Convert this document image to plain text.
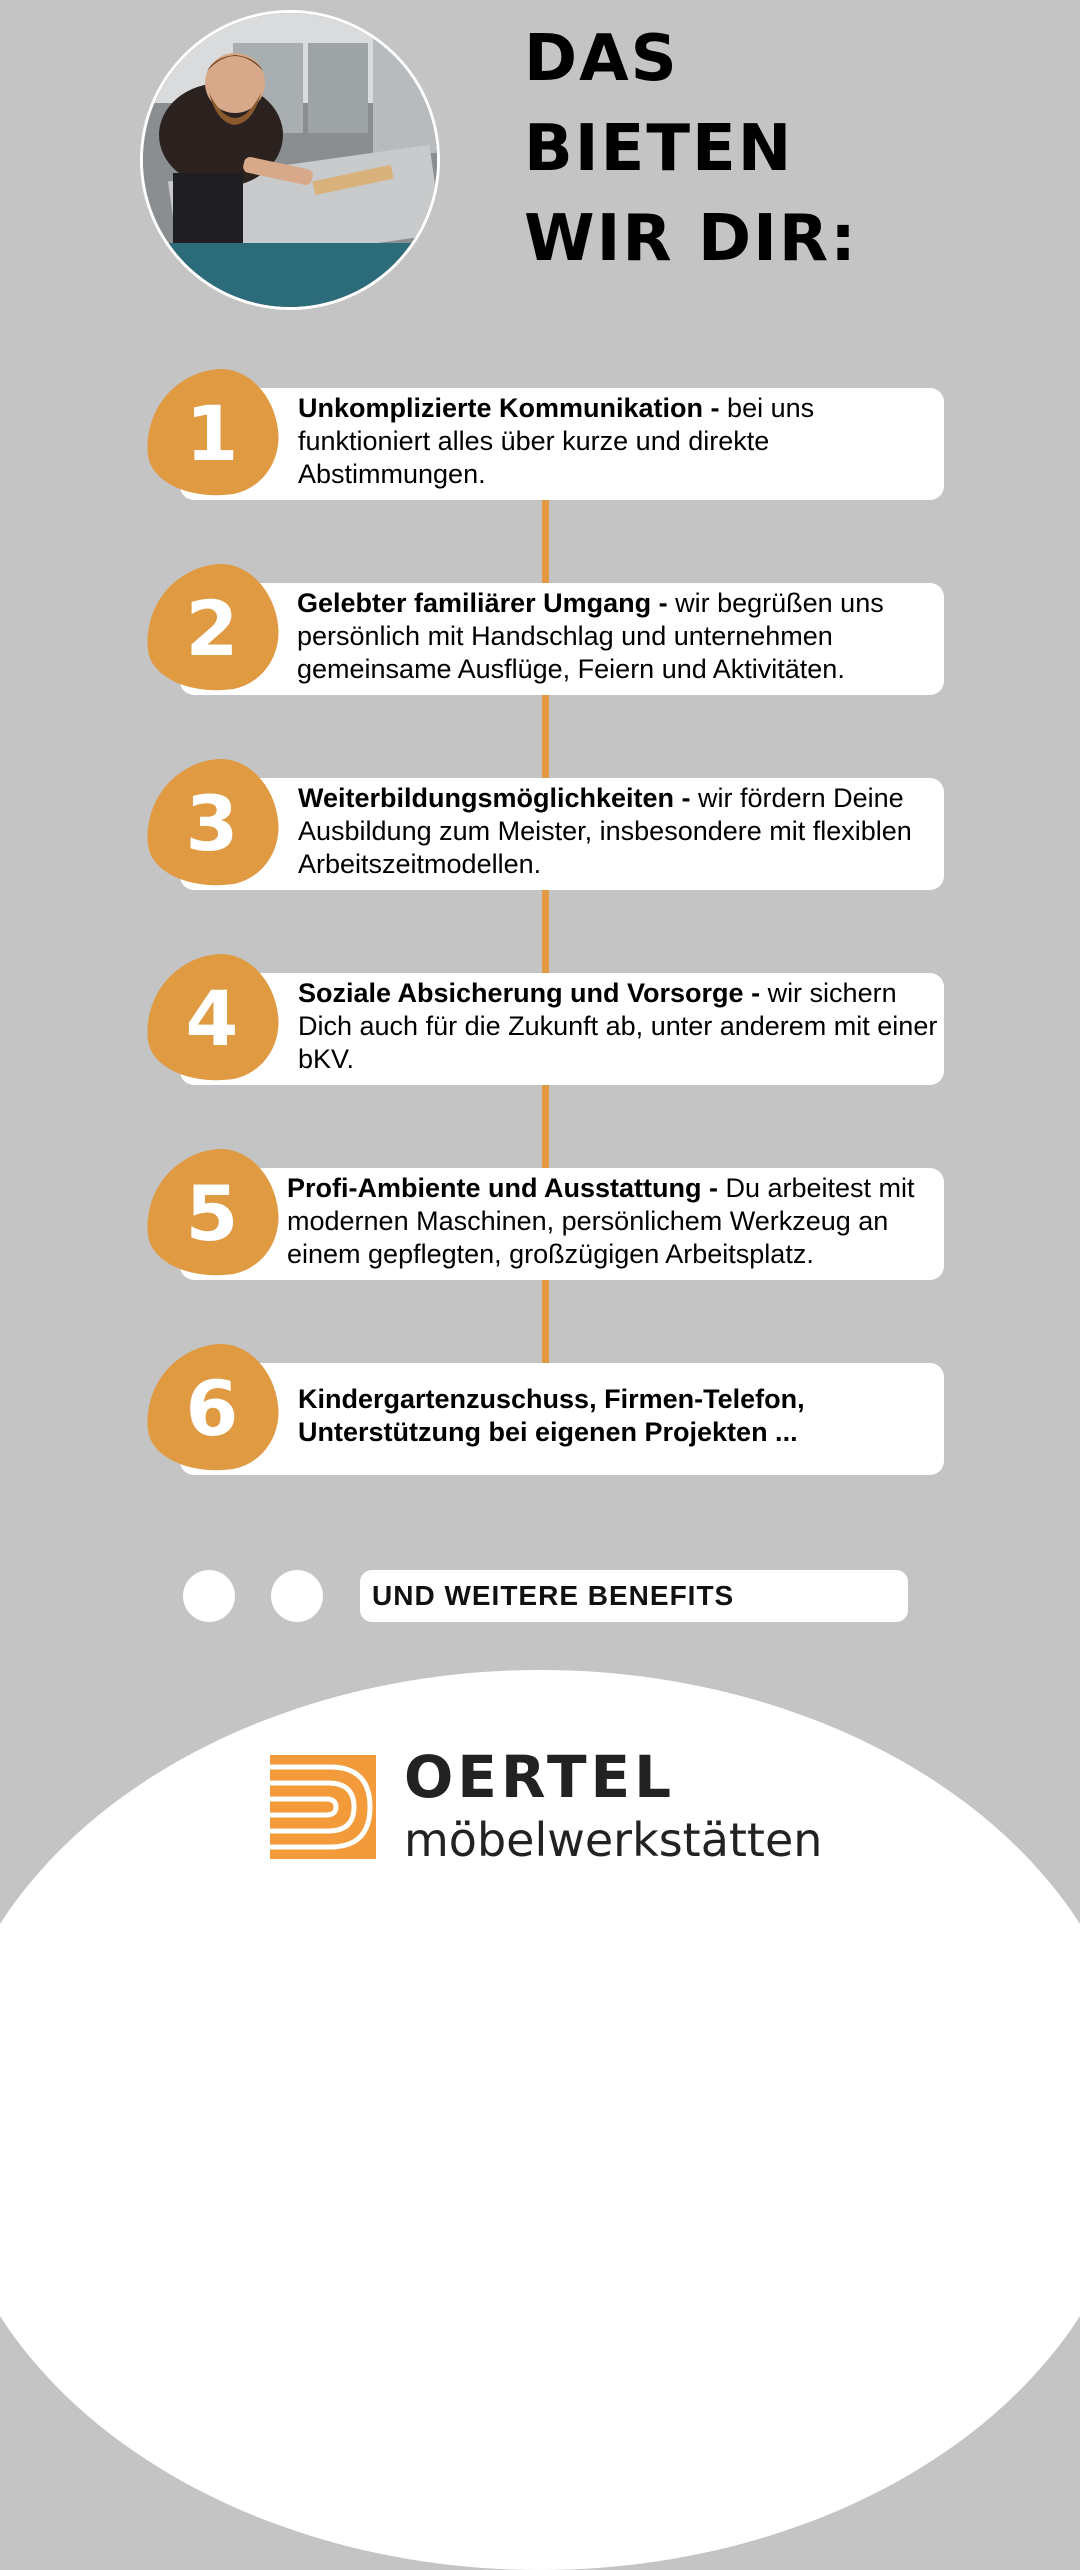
DAS
BIETEN
WIR DIR:
1	Unkomplizierte Kommunikation - bei uns funktioniert alles über kurze und direkte Abstimmungen.

2	Gelebter familiärer Umgang - wir begrüßen uns persönlich mit Handschlag und unternehmen gemeinsame Ausflüge, Feiern und Aktivitäten.

3	Weiterbildungsmöglichkeiten - wir fördern Deine Ausbildung zum Meister, insbesondere mit flexiblen Arbeitszeitmodellen.

4	Soziale Absicherung und Vorsorge - wir sichern Dich auch für die Zukunft ab, unter anderem mit einer bKV.

5	Profi-Ambiente und Ausstattung - Du arbeitest mit modernen Maschinen, persönlichem Werkzeug an einem gepflegten, großzügigen Arbeitsplatz.

6	Kindergartenzuschuss, Firmen-Telefon, Unterstützung bei eigenen Projekten ...

UND WEITERE BENEFITS

OERTEL

möbelwerkstätten
